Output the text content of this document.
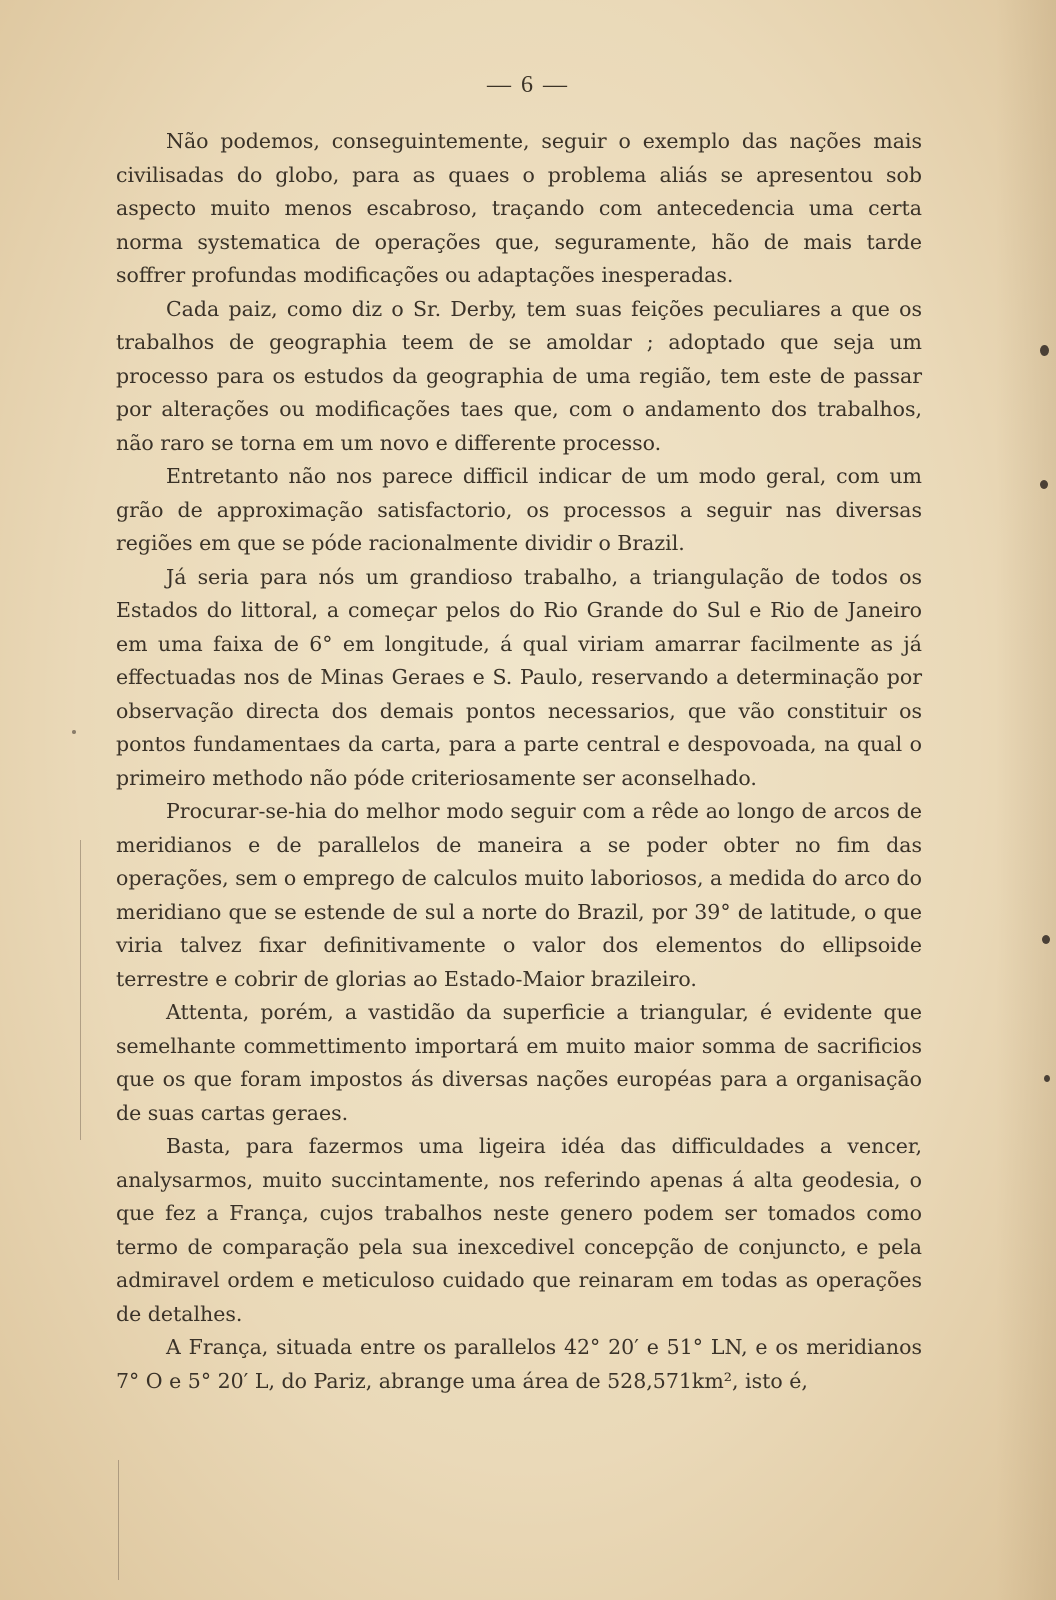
— 6 —

Não podemos, conseguintemente, seguir o exemplo das nações mais civilisadas do globo, para as quaes o problema aliás se apresentou sob aspecto muito menos escabroso, traçando com antecedencia uma certa norma systematica de operações que, seguramente, hão de mais tarde soffrer profundas modificações ou adaptações inesperadas.

Cada paiz, como diz o Sr. Derby, tem suas feições peculiares a que os trabalhos de geographia teem de se amoldar ; adoptado que seja um processo para os estudos da geographia de uma região, tem este de passar por alterações ou modificações taes que, com o andamento dos trabalhos, não raro se torna em um novo e differente processo.

Entretanto não nos parece difficil indicar de um modo geral, com um grão de approximação satisfactorio, os processos a seguir nas diversas regiões em que se póde racionalmente dividir o Brazil.

Já seria para nós um grandioso trabalho, a triangulação de todos os Estados do littoral, a começar pelos do Rio Grande do Sul e Rio de Janeiro em uma faixa de 6° em longitude, á qual viriam amarrar facilmente as já effectuadas nos de Minas Geraes e S. Paulo, reservando a determinação por observação directa dos demais pontos necessarios, que vão constituir os pontos fundamentaes da carta, para a parte central e despovoada, na qual o primeiro methodo não póde criteriosamente ser aconselhado.

Procurar-se-hia do melhor modo seguir com a rêde ao longo de arcos de meridianos e de parallelos de maneira a se poder obter no fim das operações, sem o emprego de calculos muito laboriosos, a medida do arco do meridiano que se estende de sul a norte do Brazil, por 39° de latitude, o que viria talvez fixar definitivamente o valor dos elementos do ellipsoide terrestre e cobrir de glorias ao Estado-Maior brazileiro.

Attenta, porém, a vastidão da superficie a triangular, é evidente que semelhante commettimento importará em muito maior somma de sacrificios que os que foram impostos ás diversas nações européas para a organisação de suas cartas geraes.

Basta, para fazermos uma ligeira idéa das difficuldades a vencer, analysarmos, muito succintamente, nos referindo apenas á alta geodesia, o que fez a França, cujos trabalhos neste genero podem ser tomados como termo de comparação pela sua inexcedivel concepção de conjuncto, e pela admiravel ordem e meticuloso cuidado que reinaram em todas as operações de detalhes.

A França, situada entre os parallelos 42° 20′ e 51° LN, e os meridianos 7° O e 5° 20′ L, do Pariz, abrange uma área de 528,571km², isto é,
